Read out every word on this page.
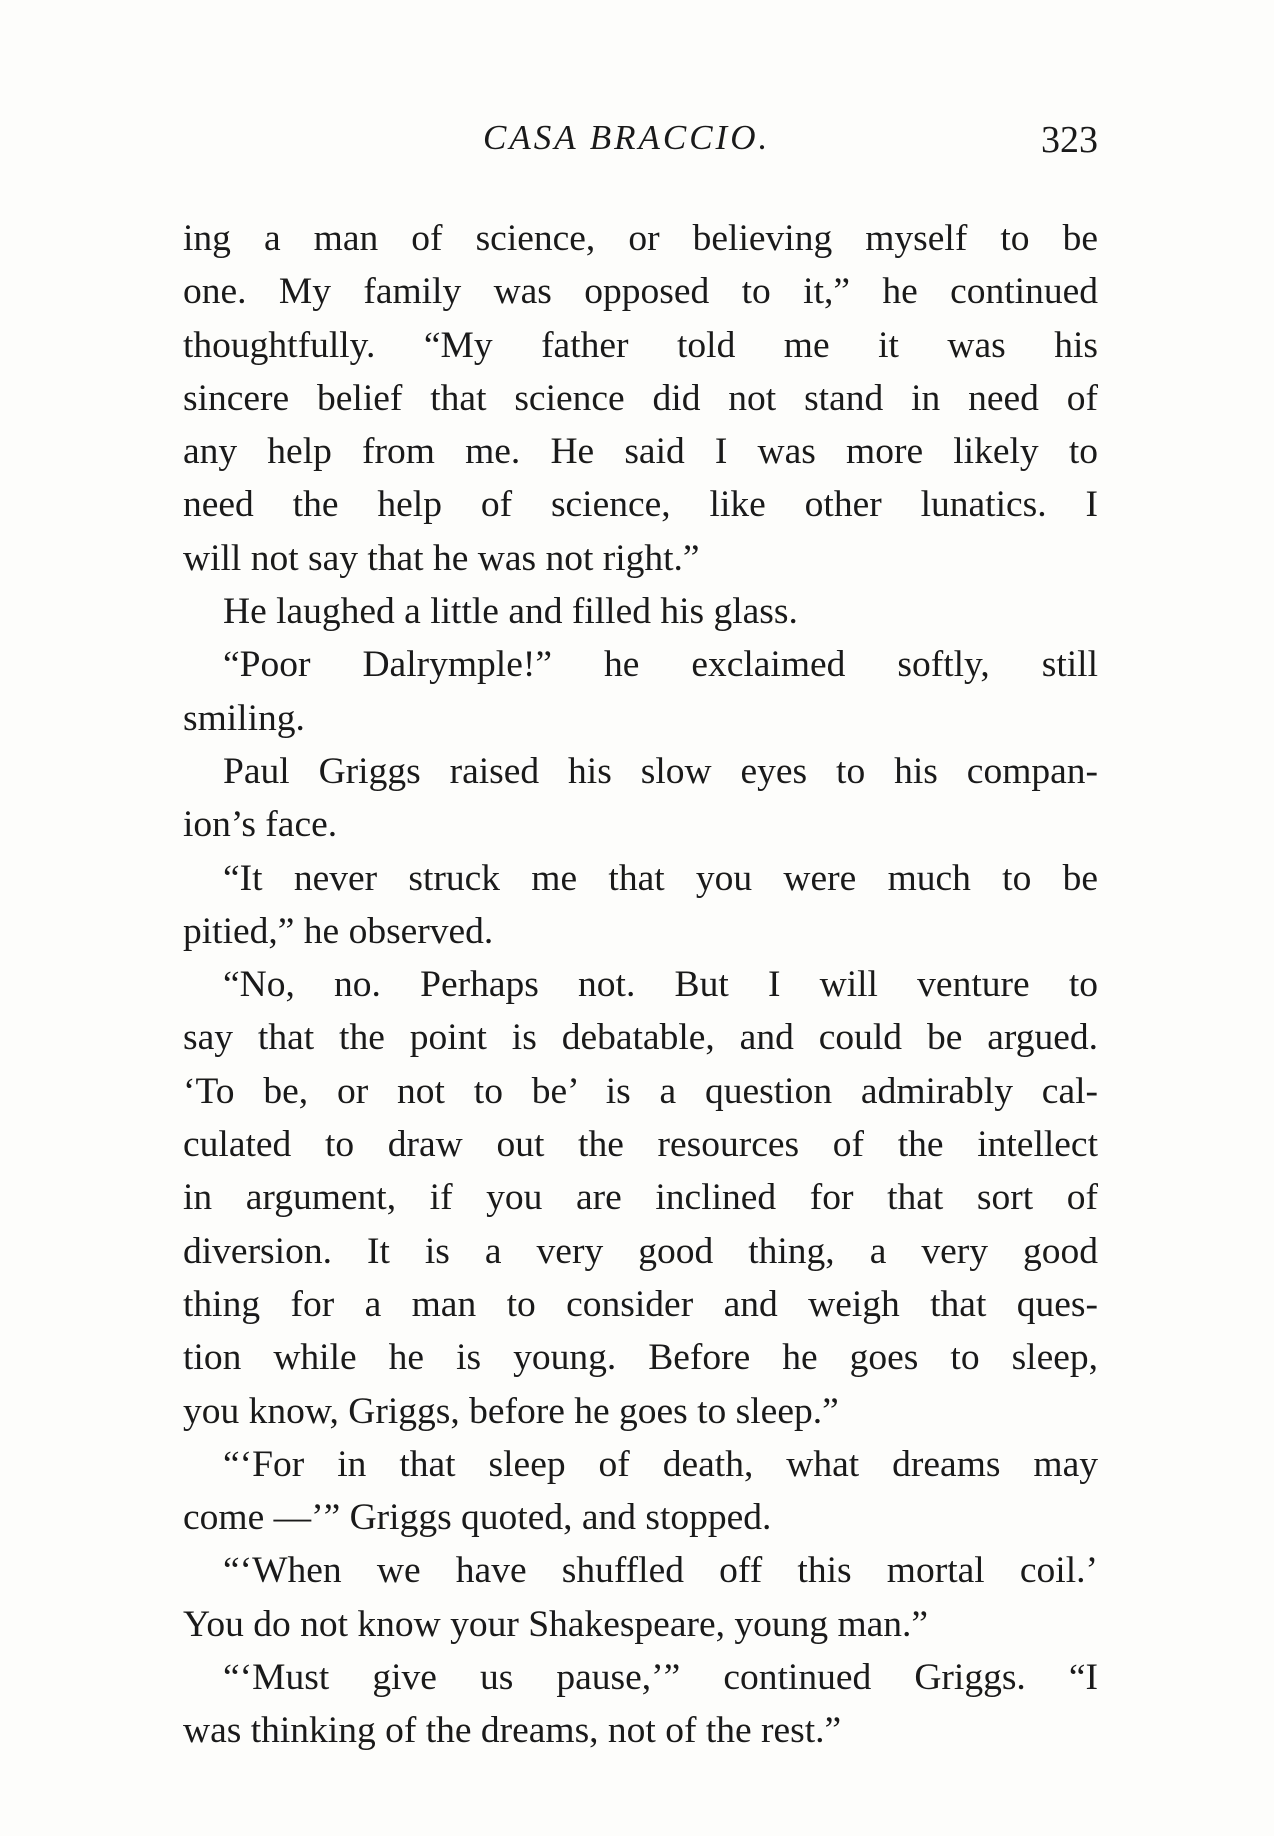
CASA BRACCIO.	323
ing a man of science, or believing myself to be
one. My family was opposed to it,” he continued
thoughtfully. “My father told me it was his
sincere belief that science did not stand in need of
any help from me. He said I was more likely to
need the help of science, like other lunatics. I
will not say that he was not right.”
He laughed a little and filled his glass.
“Poor Dalrymple!” he exclaimed softly, still
smiling.
Paul Griggs raised his slow eyes to his compan-
ion’s face.
“It never struck me that you were much to be
pitied,” he observed.
“No, no. Perhaps not. But I will venture to
say that the point is debatable, and could be argued.
‘To be, or not to be’ is a question admirably cal-
culated to draw out the resources of the intellect
in argument, if you are inclined for that sort of
diversion. It is a very good thing, a very good
thing for a man to consider and weigh that ques-
tion while he is young. Before he goes to sleep,
you know, Griggs, before he goes to sleep.”
“‘For in that sleep of death, what dreams may
come —’” Griggs quoted, and stopped.
“‘When we have shuffled off this mortal coil.’
You do not know your Shakespeare, young man.”
“‘Must give us pause,’” continued Griggs. “I
was thinking of the dreams, not of the rest.”
